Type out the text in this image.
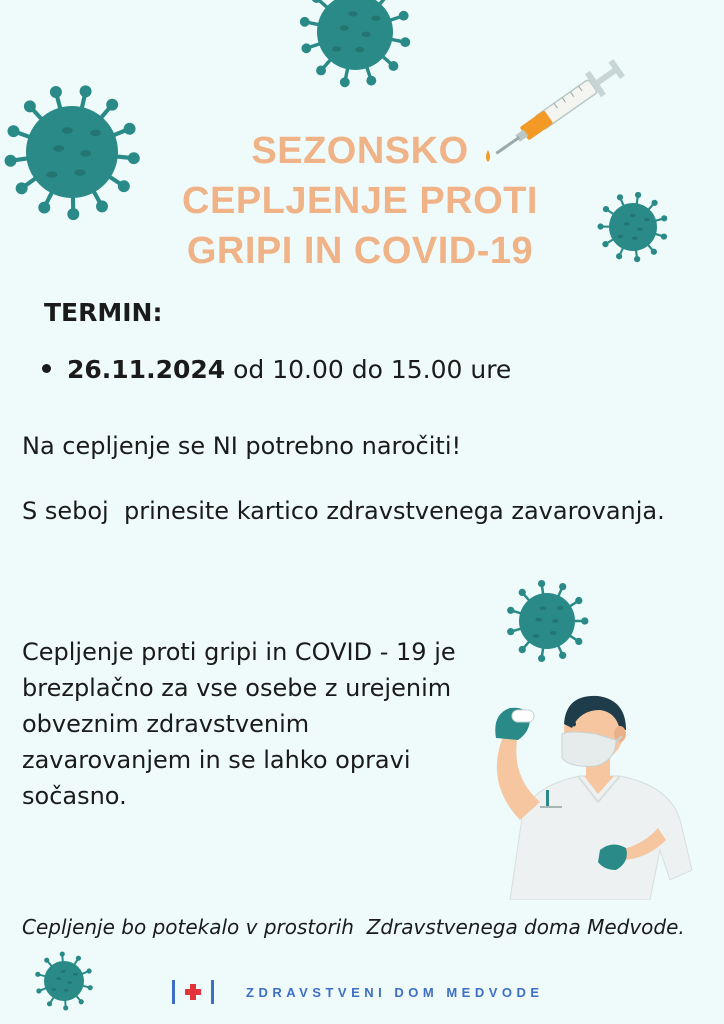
SEZONSKO
CEPLJENJE PROTI
GRIPI IN COVID-19
TERMIN:
26.11.2024 od 10.00 do 15.00 ure
Na cepljenje se NI potrebno naročiti!
S seboj  prinesite kartico zdravstvenega zavarovanja.
Cepljenje proti gripi in COVID - 19 je
brezplačno za vse osebe z urejenim
obveznim zdravstvenim
zavarovanjem in se lahko opravi
sočasno.
Cepljenje bo potekalo v prostorih  Zdravstvenega doma Medvode.
ZDRAVSTVENI DOM MEDVODE
